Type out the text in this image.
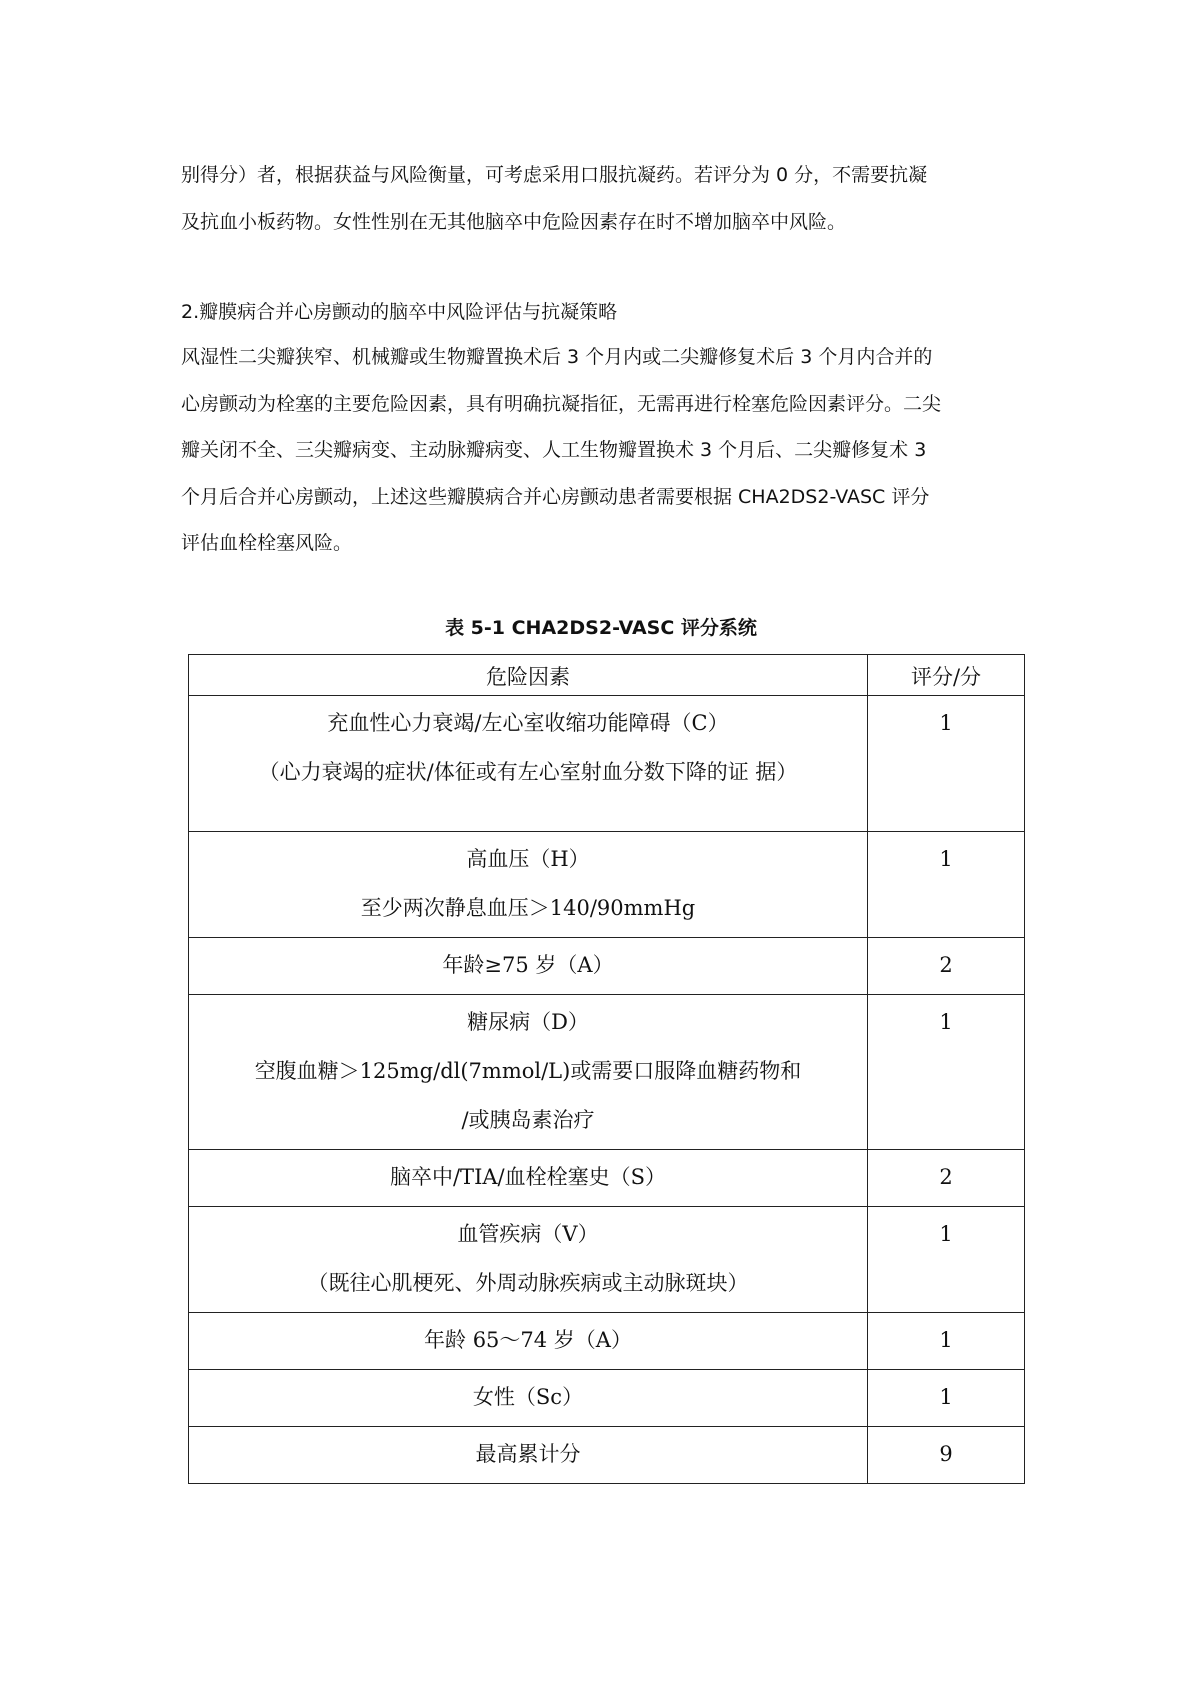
别得分）者，根据获益与风险衡量，可考虑采用口服抗凝药。若评分为 0 分，不需要抗凝
及抗血小板药物。女性性别在无其他脑卒中危险因素存在时不增加脑卒中风险。

2.瓣膜病合并心房颤动的脑卒中风险评估与抗凝策略

风湿性二尖瓣狭窄、机械瓣或生物瓣置换术后 3 个月内或二尖瓣修复术后 3 个月内合并的
心房颤动为栓塞的主要危险因素，具有明确抗凝指征，无需再进行栓塞危险因素评分。二尖
瓣关闭不全、三尖瓣病变、主动脉瓣病变、人工生物瓣置换术 3 个月后、二尖瓣修复术 3
个月后合并心房颤动，上述这些瓣膜病合并心房颤动患者需要根据 CHA2DS2-VASC 评分
评估血栓栓塞风险。

表 5-1 CHA2DS2-VASC 评分系统

危险因素	评分/分

充血性心力衰竭/左心室收缩功能障碍（C）
（心力衰竭的症状/体征或有左心室射血分数下降的证 据）	1

高血压（H）
至少两次静息血压＞140/90mmHg	1

年龄≥75 岁（A）	2

糖尿病（D）
空腹血糖＞125mg/dl(7mmol/L)或需要口服降血糖药物和
/或胰岛素治疗	1

脑卒中/TIA/血栓栓塞史（S）	2

血管疾病（V）
（既往心肌梗死、外周动脉疾病或主动脉斑块）	1

年龄 65～74 岁（A）	1

女性（Sc）	1

最高累计分	9
